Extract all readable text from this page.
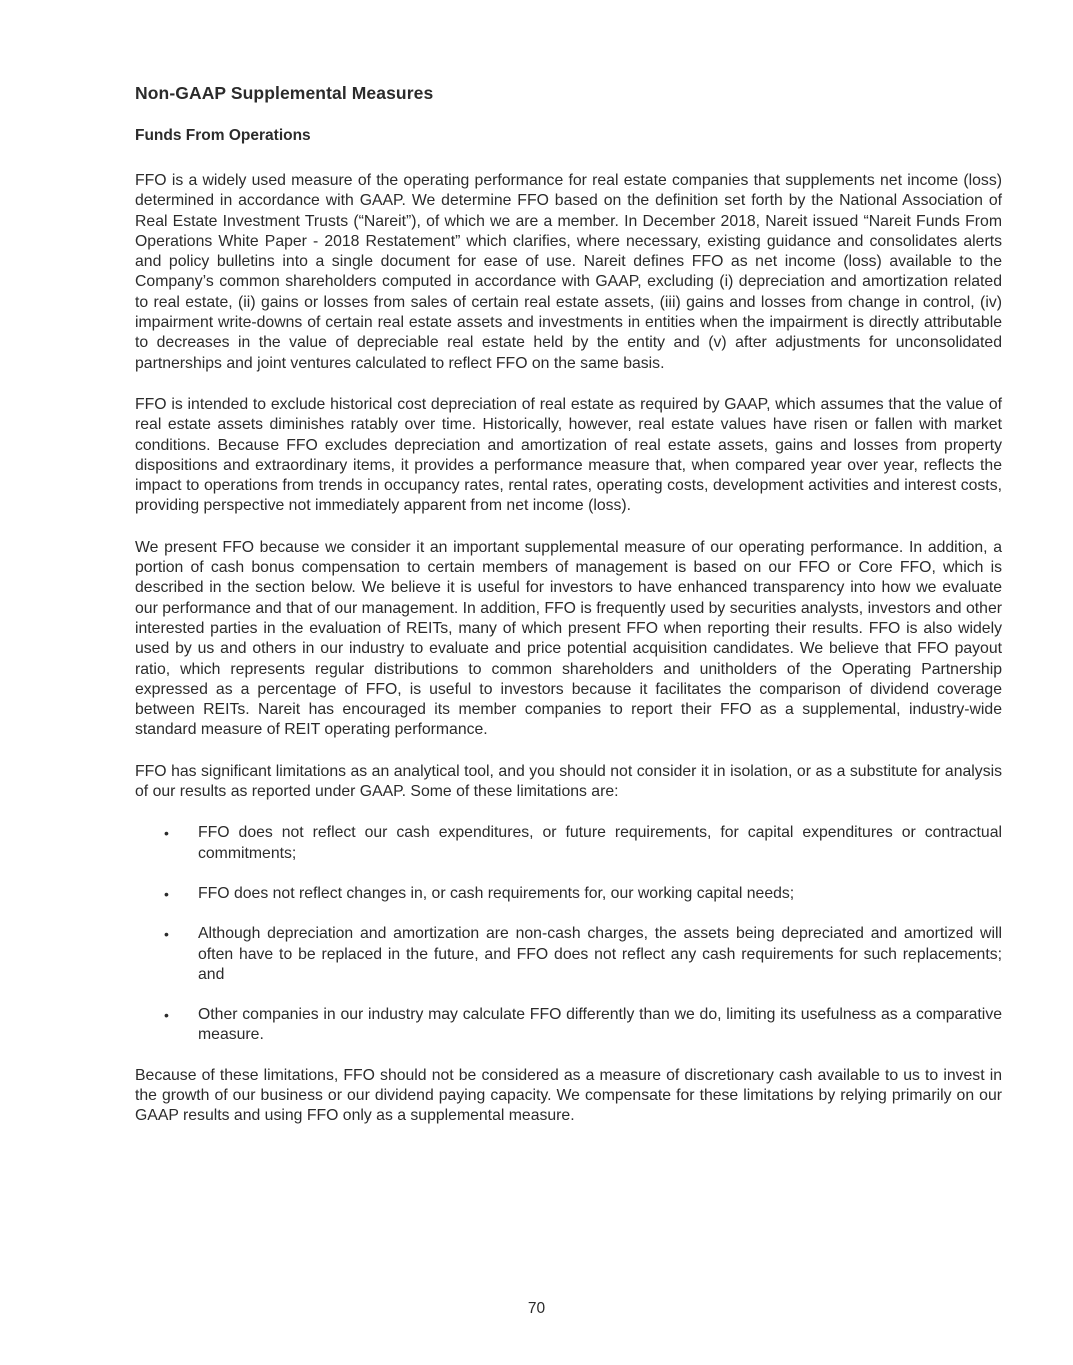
Non-GAAP Supplemental Measures
Funds From Operations

FFO is a widely used measure of the operating performance for real estate companies that supplements net income (loss) determined in accordance with GAAP. We determine FFO based on the definition set forth by the National Association of Real Estate Investment Trusts (“Nareit”), of which we are a member. In December 2018, Nareit issued “Nareit Funds From Operations White Paper - 2018 Restatement” which clarifies, where necessary, existing guidance and consolidates alerts and policy bulletins into a single document for ease of use. Nareit defines FFO as net income (loss) available to the Company’s common shareholders computed in accordance with GAAP, excluding (i) depreciation and amortization related to real estate, (ii) gains or losses from sales of certain real estate assets, (iii) gains and losses from change in control, (iv) impairment write-downs of certain real estate assets and investments in entities when the impairment is directly attributable to decreases in the value of depreciable real estate held by the entity and (v) after adjustments for unconsolidated partnerships and joint ventures calculated to reflect FFO on the same basis.

FFO is intended to exclude historical cost depreciation of real estate as required by GAAP, which assumes that the value of real estate assets diminishes ratably over time. Historically, however, real estate values have risen or fallen with market conditions. Because FFO excludes depreciation and amortization of real estate assets, gains and losses from property dispositions and extraordinary items, it provides a performance measure that, when compared year over year, reflects the impact to operations from trends in occupancy rates, rental rates, operating costs, development activities and interest costs, providing perspective not immediately apparent from net income (loss).

We present FFO because we consider it an important supplemental measure of our operating performance. In addition, a portion of cash bonus compensation to certain members of management is based on our FFO or Core FFO, which is described in the section below. We believe it is useful for investors to have enhanced transparency into how we evaluate our performance and that of our management. In addition, FFO is frequently used by securities analysts, investors and other interested parties in the evaluation of REITs, many of which present FFO when reporting their results. FFO is also widely used by us and others in our industry to evaluate and price potential acquisition candidates. We believe that FFO payout ratio, which represents regular distributions to common shareholders and unitholders of the Operating Partnership expressed as a percentage of FFO, is useful to investors because it facilitates the comparison of dividend coverage between REITs. Nareit has encouraged its member companies to report their FFO as a supplemental, industry-wide standard measure of REIT operating performance.

FFO has significant limitations as an analytical tool, and you should not consider it in isolation, or as a substitute for analysis of our results as reported under GAAP. Some of these limitations are:

•	FFO does not reflect our cash expenditures, or future requirements, for capital expenditures or contractual commitments;
•	FFO does not reflect changes in, or cash requirements for, our working capital needs;
•	Although depreciation and amortization are non-cash charges, the assets being depreciated and amortized will often have to be replaced in the future, and FFO does not reflect any cash requirements for such replacements; and
•	Other companies in our industry may calculate FFO differently than we do, limiting its usefulness as a comparative measure.

Because of these limitations, FFO should not be considered as a measure of discretionary cash available to us to invest in the growth of our business or our dividend paying capacity. We compensate for these limitations by relying primarily on our GAAP results and using FFO only as a supplemental measure.

70
